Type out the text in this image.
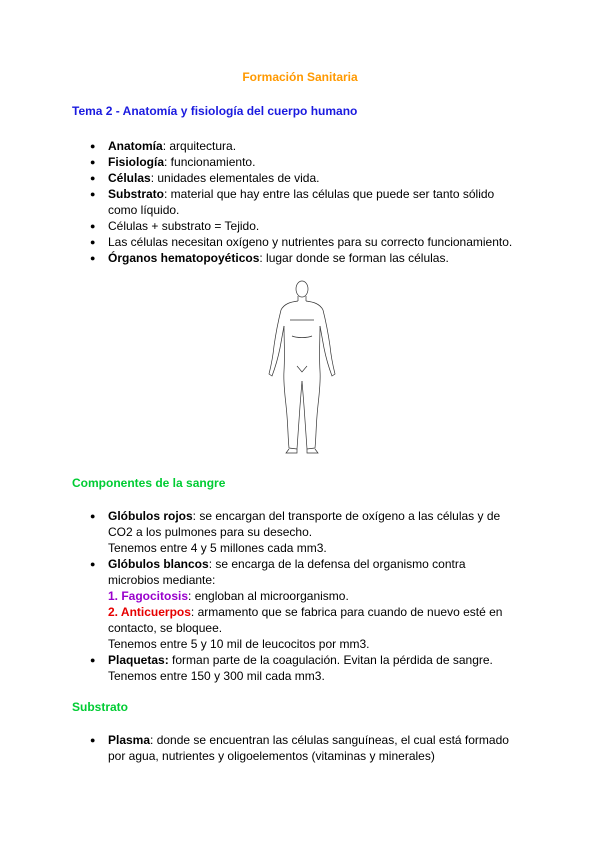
Formación Sanitaria
Tema 2 - Anatomía y fisiología del cuerpo humano
● Anatomía: arquitectura.
● Fisiología: funcionamiento.
● Células: unidades elementales de vida.
● Substrato: material que hay entre las células que puede ser tanto sólido como líquido.
● Células + substrato = Tejido.
● Las células necesitan oxígeno y nutrientes para su correcto funcionamiento.
● Órganos hematopoyéticos: lugar donde se forman las células.
Componentes de la sangre
● Glóbulos rojos: se encargan del transporte de oxígeno a las células y de CO2 a los pulmones para su desecho.
Tenemos entre 4 y 5 millones cada mm3.
● Glóbulos blancos: se encarga de la defensa del organismo contra microbios mediante:
1. Fagocitosis: engloban al microorganismo.
2. Anticuerpos: armamento que se fabrica para cuando de nuevo esté en contacto, se bloquee.
Tenemos entre 5 y 10 mil de leucocitos por mm3.
● Plaquetas: forman parte de la coagulación. Evitan la pérdida de sangre.
Tenemos entre 150 y 300 mil cada mm3.
Substrato
● Plasma: donde se encuentran las células sanguíneas, el cual está formado por agua, nutrientes y oligoelementos (vitaminas y minerales)
